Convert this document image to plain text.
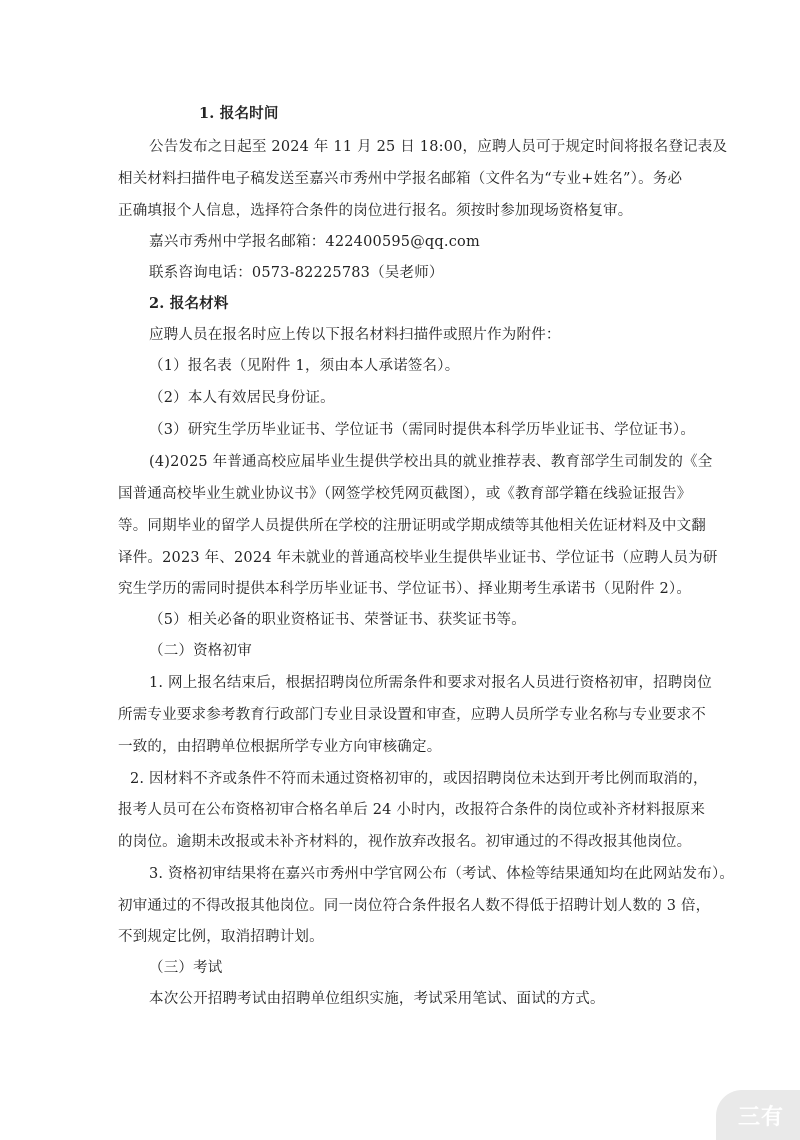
1. 报名时间
公告发布之日起至 2024 年 11 月 25 日 18:00，应聘人员可于规定时间将报名登记表及
相关材料扫描件电子稿发送至嘉兴市秀州中学报名邮箱（文件名为“专业+姓名”）。务必
正确填报个人信息，选择符合条件的岗位进行报名。须按时参加现场资格复审。
嘉兴市秀州中学报名邮箱：422400595@qq.com
联系咨询电话：0573-82225783（吴老师）
2. 报名材料
应聘人员在报名时应上传以下报名材料扫描件或照片作为附件：
（1）报名表（见附件 1，须由本人承诺签名）。
（2）本人有效居民身份证。
（3）研究生学历毕业证书、学位证书（需同时提供本科学历毕业证书、学位证书）。
(4)2025 年普通高校应届毕业生提供学校出具的就业推荐表、教育部学生司制发的《全
国普通高校毕业生就业协议书》（网签学校凭网页截图），或《教育部学籍在线验证报告》
等。同期毕业的留学人员提供所在学校的注册证明或学期成绩等其他相关佐证材料及中文翻
译件。2023 年、2024 年未就业的普通高校毕业生提供毕业证书、学位证书（应聘人员为研
究生学历的需同时提供本科学历毕业证书、学位证书）、择业期考生承诺书（见附件 2）。
（5）相关必备的职业资格证书、荣誉证书、获奖证书等。
（二）资格初审
1. 网上报名结束后，根据招聘岗位所需条件和要求对报名人员进行资格初审，招聘岗位
所需专业要求参考教育行政部门专业目录设置和审查，应聘人员所学专业名称与专业要求不
一致的，由招聘单位根据所学专业方向审核确定。
2. 因材料不齐或条件不符而未通过资格初审的，或因招聘岗位未达到开考比例而取消的，
报考人员可在公布资格初审合格名单后 24 小时内，改报符合条件的岗位或补齐材料报原来
的岗位。逾期未改报或未补齐材料的，视作放弃改报名。初审通过的不得改报其他岗位。
3. 资格初审结果将在嘉兴市秀州中学官网公布（考试、体检等结果通知均在此网站发布）。
初审通过的不得改报其他岗位。同一岗位符合条件报名人数不得低于招聘计划人数的 3 倍，
不到规定比例，取消招聘计划。
（三）考试
本次公开招聘考试由招聘单位组织实施，考试采用笔试、面试的方式。
三有
